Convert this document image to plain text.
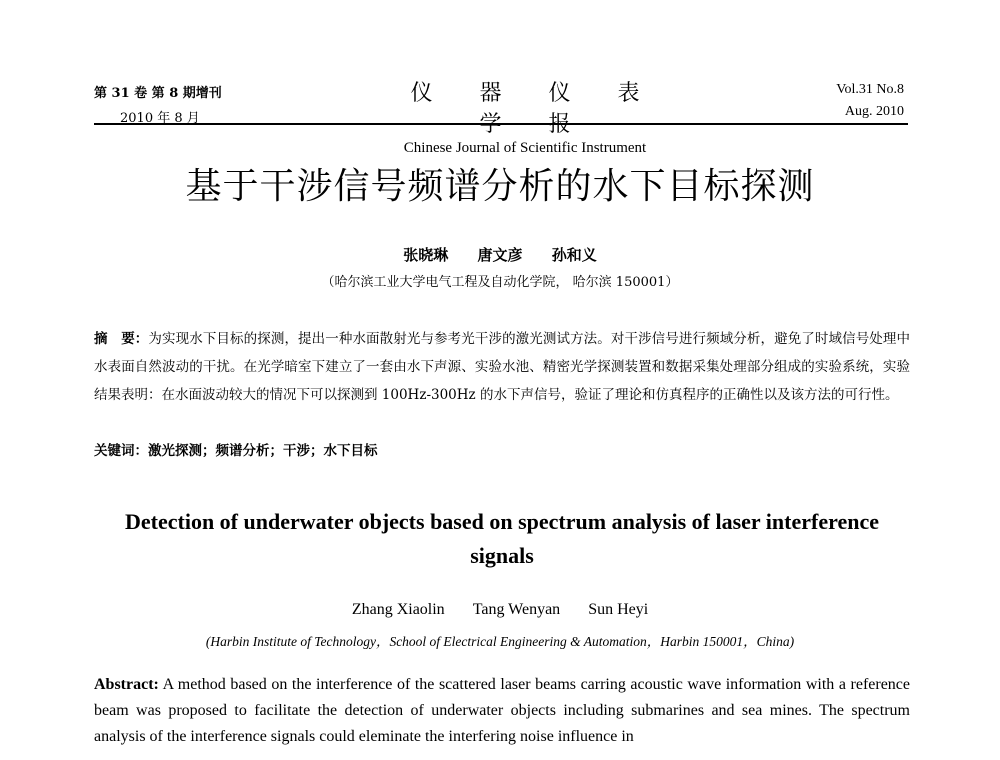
第 31 卷 第 8 期增刊
2010 年 8 月
仪 器 仪 表 学 报
Chinese Journal of Scientific Instrument
Vol.31 No.8
Aug. 2010
基于干涉信号频谱分析的水下目标探测
张晓琳 唐文彦 孙和义
（哈尔滨工业大学电气工程及自动化学院， 哈尔滨 150001）
摘　要：为实现水下目标的探测，提出一种水面散射光与参考光干涉的激光测试方法。对干涉信号进行频域分析，避免了时域信号处理中水表面自然波动的干扰。在光学暗室下建立了一套由水下声源、实验水池、精密光学探测装置和数据采集处理部分组成的实验系统，实验结果表明：在水面波动较大的情况下可以探测到 100Hz-300Hz 的水下声信号，验证了理论和仿真程序的正确性以及该方法的可行性。
关键词：激光探测；频谱分析；干涉；水下目标
Detection of underwater objects based on spectrum analysis of laser interference signals
Zhang Xiaolin Tang Wenyan Sun Heyi
(Harbin Institute of Technology，School of Electrical Engineering & Automation，Harbin 150001，China)
Abstract: A method based on the interference of the scattered laser beams carring acoustic wave information with a reference beam was proposed to facilitate the detection of underwater objects including submarines and sea mines. The spectrum analysis of the interference signals could eleminate the interfering noise influence in
